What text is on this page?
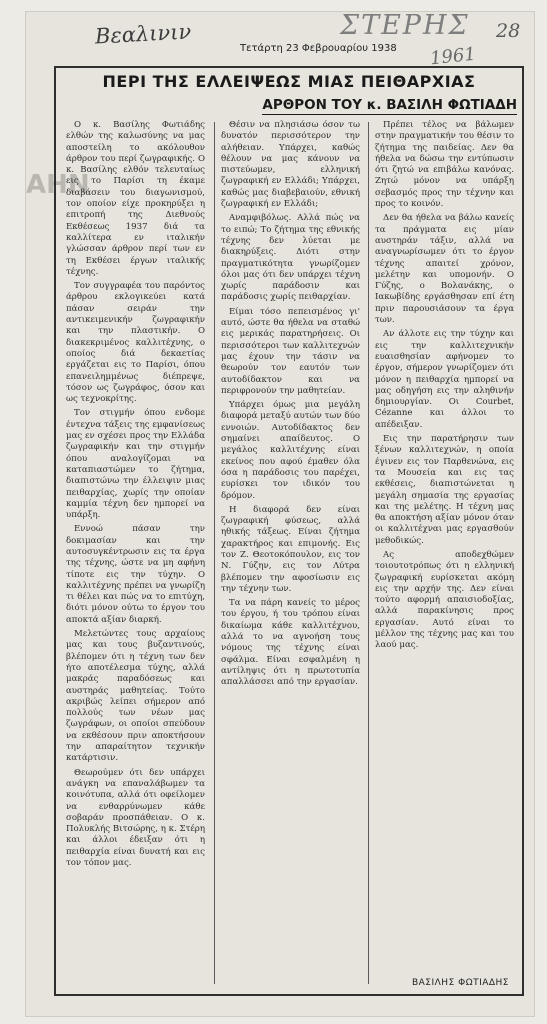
ΑΗΝ
Βεαλινιν	ΣΤΕΡΗΣ 28
1961
Τετάρτη 23 Φεβρουαρίου 1938
ΠΕΡΙ ΤΗΣ ΕΛΛΕΙΨΕΩΣ ΜΙΑΣ ΠΕΙΘΑΡΧΙΑΣ
ΑΡΘΡΟΝ ΤΟΥ κ. ΒΑΣΙΛΗ ΦΩΤΙΑΔΗ

Ο κ. Βασίλης Φωτιάδης ελθών της καλωσύνης να μας αποστείλη το ακόλουθον άρθρον του περί ζωγραφικής. Ο κ. Βασίλης ελθόν τελευταίως εις το Παρίσι τη έκαμε διαβάσειν του διαγωνισμού, τον οποίον είχε προκηρύξει η επιτροπή της Διεθνούς Εκθέσεως 1937 διά τα καλλίτερα εν ιταλικήν γλώσσαν άρθρον περί των εν τη Εκθέσει έργων ιταλικής τέχνης.

Τον συγγραφέα του παρόντος άρθρου εκλογικεύει κατά πάσαν σειράν την αντικειμενικήν ζωγραφικήν και την πλαστικήν. Ο διακεκριμένος καλλιτέχνης, ο οποίος διά δεκαετίας εργάζεται εις το Παρίσι, όπου επανειλημμένως διέπρεψε, τόσον ως ζωγράφος, όσον και ως τεχνοκρίτης.

Τον στιγμήν όπου ενδομε έντεχνα τάξεις της εμφανίσεως μας εν σχέσει προς την Ελλάδα ζωγραφικήν και την στιγμήν όπου αναλογίζομαι να καταπιαστώμεν το ζήτημα, διαπιστώνω την έλλειψιν μιας πειθαρχίας, χωρίς την οποίαν καμμία τέχνη δεν ημπορεί να υπάρξη.

Εννοώ πάσαν την δοκιμασίαν και την αυτοσυγκέντρωσιν εις τα έργα της τέχνης, ώστε να μη αφήνη τίποτε εις την τύχην. Ο καλλιτέχνης πρέπει να γνωρίζη τι θέλει και πώς να το επιτύχη, διότι μόνον ούτω το έργον του αποκτά αξίαν διαρκή.

Μελετώντες τους αρχαίους μας και τους βυζαντινούς, βλέπομεν ότι η τέχνη των δεν ήτο αποτέλεσμα τύχης, αλλά μακράς παραδόσεως και αυστηράς μαθητείας. Τούτο ακριβώς λείπει σήμερον από πολλούς των νέων μας ζωγράφων, οι οποίοι σπεύδουν να εκθέσουν πριν αποκτήσουν την απαραίτητον τεχνικήν κατάρτισιν.

Θεωρούμεν ότι δεν υπάρχει ανάγκη να επαναλάβωμεν τα κοινότυπα, αλλά ότι οφείλομεν να ενθαρρύνωμεν κάθε σοβαράν προσπάθειαν. Ο κ. Πολυκλής Βιτσώρης, η κ. Στέρη και άλλοι έδειξαν ότι η πειθαρχία είναι δυνατή και εις τον τόπον μας.

Θέσιν να πλησιάσω όσον τω δυνατόν περισσότερον την αλήθειαν. Υπάρχει, καθώς θέλουν να μας κάνουν να πιστεύωμεν, ελληνική ζωγραφική εν Ελλάδι; Υπάρχει, καθώς μας διαβεβαιούν, εθνική ζωγραφική εν Ελλάδι;

Αναμφιβόλως. Αλλά πώς να το ειπώ; Το ζήτημα της εθνικής τέχνης δεν λύεται με διακηρύξεις. Διότι στην πραγματικότητα γνωρίζομεν όλοι μας ότι δεν υπάρχει τέχνη χωρίς παράδοσιν και παράδοσις χωρίς πειθαρχίαν.

Είμαι τόσο πεπεισμένος γι' αυτό, ώστε θα ήθελα να σταθώ εις μερικάς παρατηρήσεις. Οι περισσότεροι των καλλιτεχνών μας έχουν την τάσιν να θεωρούν τον εαυτόν των αυτοδίδακτον και να περιφρονούν την μαθητείαν.

Υπάρχει όμως μια μεγάλη διαφορά μεταξύ αυτών των δύο εννοιών. Αυτοδίδακτος δεν σημαίνει απαίδευτος. Ο μεγάλος καλλιτέχνης είναι εκείνος που αφού έμαθεν όλα όσα η παράδοσις του παρέχει, ευρίσκει τον ιδικόν του δρόμον.

Η διαφορά δεν είναι ζωγραφική φύσεως, αλλά ηθικής τάξεως. Είναι ζήτημα χαρακτήρος και επιμονής. Εις τον Ζ. Θεοτοκόπουλον, εις τον Ν. Γύζην, εις τον Λύτρα βλέπομεν την αφοσίωσιν εις την τέχνην των.

Τα να πάρη κανείς το μέρος του έργου, ή του τρόπου είναι δικαίωμα κάθε καλλιτέχνου, αλλά το να αγνοήση τους νόμους της τέχνης είναι σφάλμα. Είναι εσφαλμένη η αντίληψις ότι η πρωτοτυπία απαλλάσσει από την εργασίαν.

Πρέπει τέλος να βάλωμεν στην πραγματικήν του θέσιν το ζήτημα της παιδείας. Δεν θα ήθελα να δώσω την εντύπωσιν ότι ζητώ να επιβάλω κανόνας. Ζητώ μόνον να υπάρξη σεβασμός προς την τέχνην και προς το κοινόν.

Δεν θα ήθελα να βάλω κανείς τα πράγματα εις μίαν αυστηράν τάξιν, αλλά να αναγνωρίσωμεν ότι το έργον τέχνης απαιτεί χρόνον, μελέτην και υπομονήν. Ο Γύζης, ο Βολανάκης, ο Ιακωβίδης εργάσθησαν επί έτη πριν παρουσιάσουν τα έργα των.

Αν άλλοτε εις την τύχην και εις την καλλιτεχνικήν ευαισθησίαν αφήνομεν το έργον, σήμερον γνωρίζομεν ότι μόνον η πειθαρχία ημπορεί να μας οδηγήση εις την αληθινήν δημιουργίαν. Οι Courbet, Cézanne και άλλοι το απέδειξαν.

Εις την παρατήρησιν των ξένων καλλιτεχνών, η οποία έγινεν εις τον Παρθενώνα, εις τα Μουσεία και εις τας εκθέσεις, διαπιστώνεται η μεγάλη σημασία της εργασίας και της μελέτης. Η τέχνη μας θα αποκτήση αξίαν μόνον όταν οι καλλιτέχναι μας εργασθούν μεθοδικώς.

Ας αποδεχθώμεν τοιουτοτρόπως ότι η ελληνική ζωγραφική ευρίσκεται ακόμη εις την αρχήν της. Δεν είναι τούτο αφορμή απαισιοδοξίας, αλλά παρακίνησις προς εργασίαν. Αυτό είναι το μέλλον της τέχνης μας και του λαού μας.

ΒΑΣΙΛΗΣ ΦΩΤΙΑΔΗΣ
